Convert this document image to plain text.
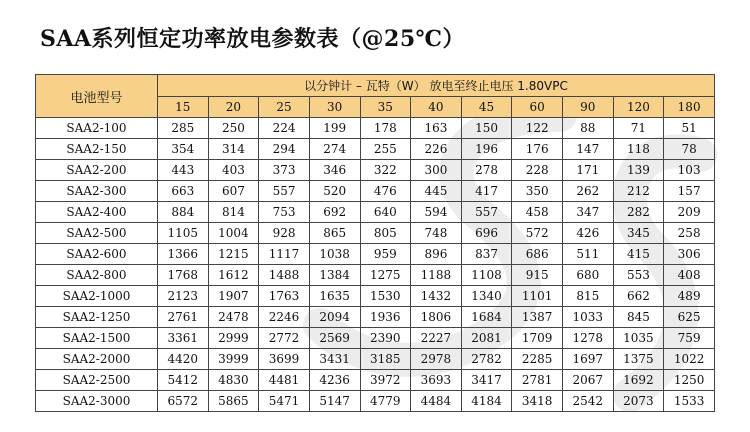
SAA系列恒定功率放电参数表（@25℃）
电池型号	以分钟计 – 瓦特（W） 放电至终止电压 1.80VPC										
	15	20	25	30	35	40	45	60	90	120	180
SAA2-100	285	250	224	199	178	163	150	122	88	71	51
SAA2-150	354	314	294	274	255	226	196	176	147	118	78
SAA2-200	443	403	373	346	322	300	278	228	171	139	103
SAA2-300	663	607	557	520	476	445	417	350	262	212	157
SAA2-400	884	814	753	692	640	594	557	458	347	282	209
SAA2-500	1105	1004	928	865	805	748	696	572	426	345	258
SAA2-600	1366	1215	1117	1038	959	896	837	686	511	415	306
SAA2-800	1768	1612	1488	1384	1275	1188	1108	915	680	553	408
SAA2-1000	2123	1907	1763	1635	1530	1432	1340	1101	815	662	489
SAA2-1250	2761	2478	2246	2094	1936	1806	1684	1387	1033	845	625
SAA2-1500	3361	2999	2772	2569	2390	2227	2081	1709	1278	1035	759
SAA2-2000	4420	3999	3699	3431	3185	2978	2782	2285	1697	1375	1022
SAA2-2500	5412	4830	4481	4236	3972	3693	3417	2781	2067	1692	1250
SAA2-3000	6572	5865	5471	5147	4779	4484	4184	3418	2542	2073	1533
